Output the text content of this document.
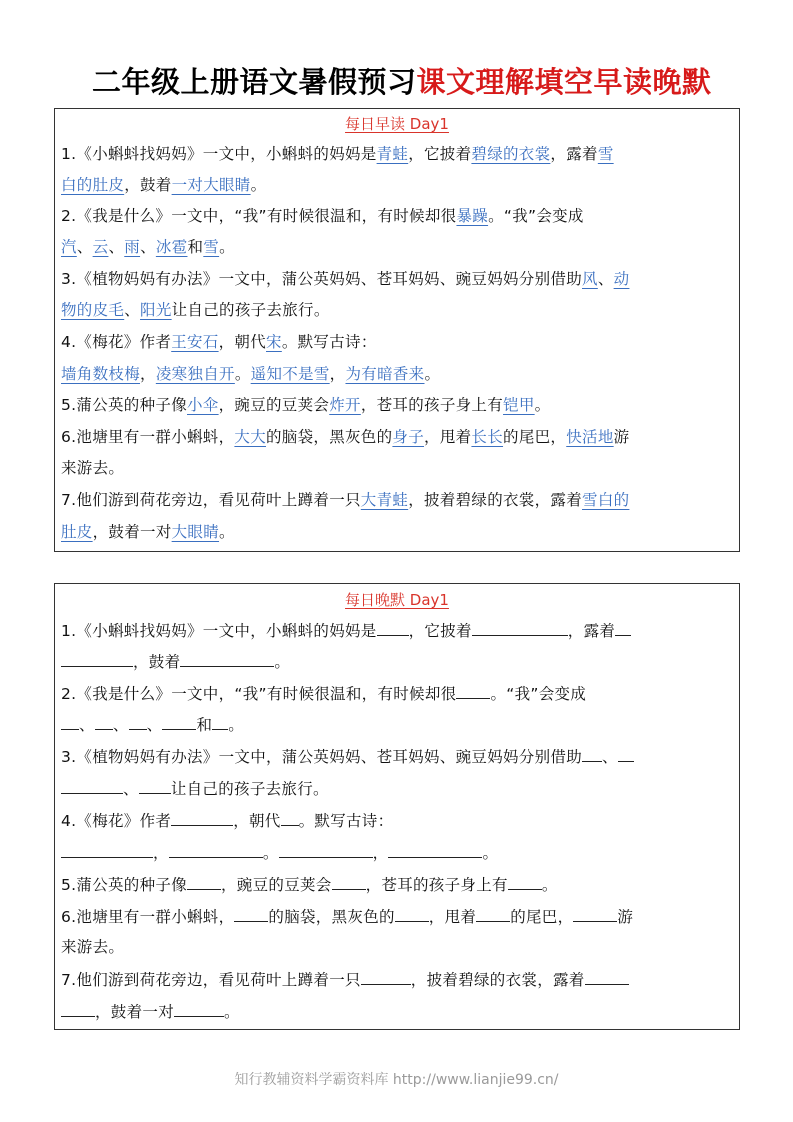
二年级上册语文暑假预习课文理解填空早读晚默
每日早读 Day1
1.《小蝌蚪找妈妈》一文中，小蝌蚪的妈妈是青蛙，它披着碧绿的衣裳，露着雪
白的肚皮，鼓着一对大眼睛。
2.《我是什么》一文中，“我”有时候很温和，有时候却很暴躁。“我”会变成
汽、云、雨、冰雹和雪。
3.《植物妈妈有办法》一文中，蒲公英妈妈、苍耳妈妈、豌豆妈妈分别借助风、动
物的皮毛、阳光让自己的孩子去旅行。
4.《梅花》作者王安石，朝代宋。默写古诗：
墙角数枝梅，凌寒独自开。遥知不是雪，为有暗香来。
5.蒲公英的种子像小伞，豌豆的豆荚会炸开，苍耳的孩子身上有铠甲。
6.池塘里有一群小蝌蚪，大大的脑袋，黑灰色的身子，甩着长长的尾巴，快活地游
来游去。
7.他们游到荷花旁边，看见荷叶上蹲着一只大青蛙，披着碧绿的衣裳，露着雪白的
肚皮，鼓着一对大眼睛。
每日晚默 Day1
1.《小蝌蚪找妈妈》一文中，小蝌蚪的妈妈是 ，它披着	，露着
，鼓着	。
2.《我是什么》一文中，“我”有时候很温和，有时候却很 。“我”会变成
、 、 、 和 。
3.《植物妈妈有办法》一文中，蒲公英妈妈、苍耳妈妈、豌豆妈妈分别借助 、
、 让自己的孩子去旅行。
4.《梅花》作者	，朝代 。默写古诗：
，	。	，	。
5.蒲公英的种子像 ，豌豆的豆荚会 ，苍耳的孩子身上有 。
6.池塘里有一群小蝌蚪， 的脑袋，黑灰色的 ，甩着 的尾巴，	游
来游去。
7.他们游到荷花旁边，看见荷叶上蹲着一只	，披着碧绿的衣裳，露着
，鼓着一对	。
知行教辅资料学霸资料库 http://www.lianjie99.cn/
